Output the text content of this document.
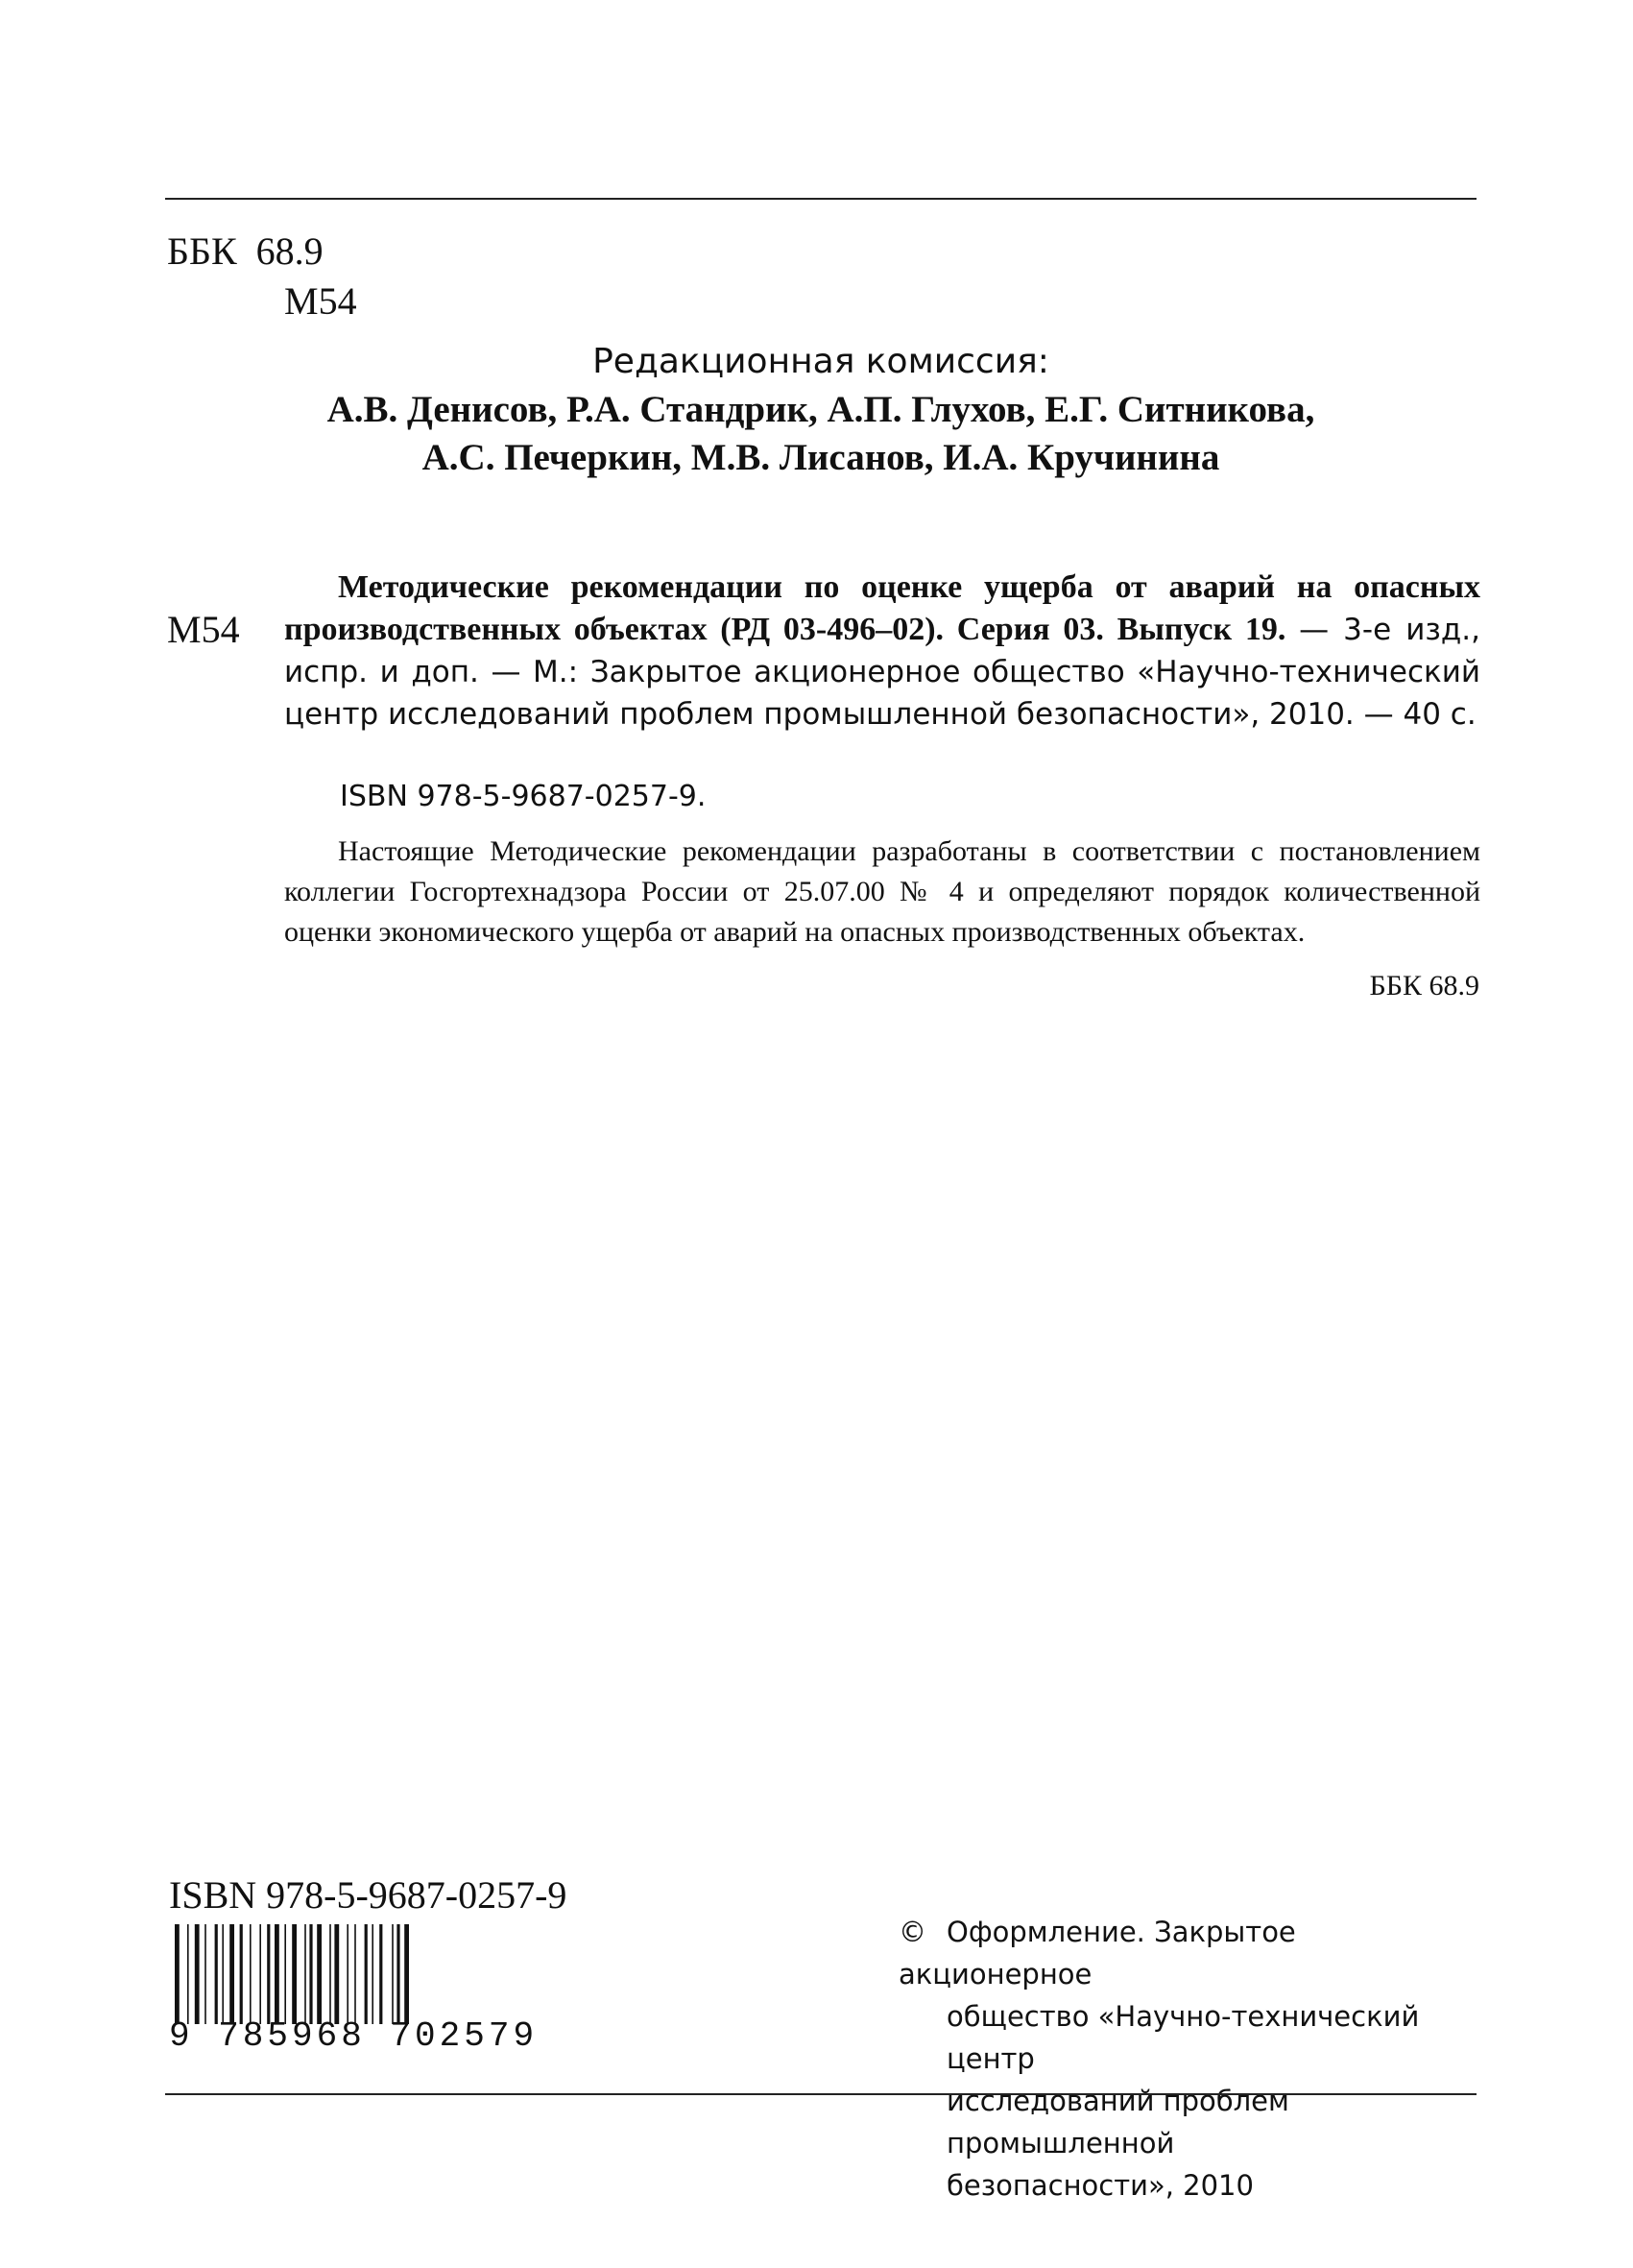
ББК 68.9
М54
Редакционная комиссия:
А.В. Денисов, Р.А. Стандрик, А.П. Глухов, Е.Г. Ситникова,
А.С. Печеркин, М.В. Лисанов, И.А. Кручинина
М54
Методические рекомендации по оценке ущерба от аварий на опасных производственных объектах (РД 03-496–02). Серия 03. Выпуск 19. — 3-е изд., испр. и доп. — М.: Закрытое акционерное общество «Научно-технический центр исследований проблем промышленной безопасности», 2010. — 40 с.
ISBN 978-5-9687-0257-9.

Настоящие Методические рекомендации разработаны в соответствии с постановлением коллегии Госгортехнадзора России от 25.07.00 № 4 и определяют порядок количественной оценки экономического ущерба от аварий на опасных производственных объектах.

ББК 68.9
ISBN 978-5-9687-0257-9
9 785968 702579
© Оформление. Закрытое акционерное
общество «Научно-технический центр
исследований проблем промышленной
безопасности», 2010
